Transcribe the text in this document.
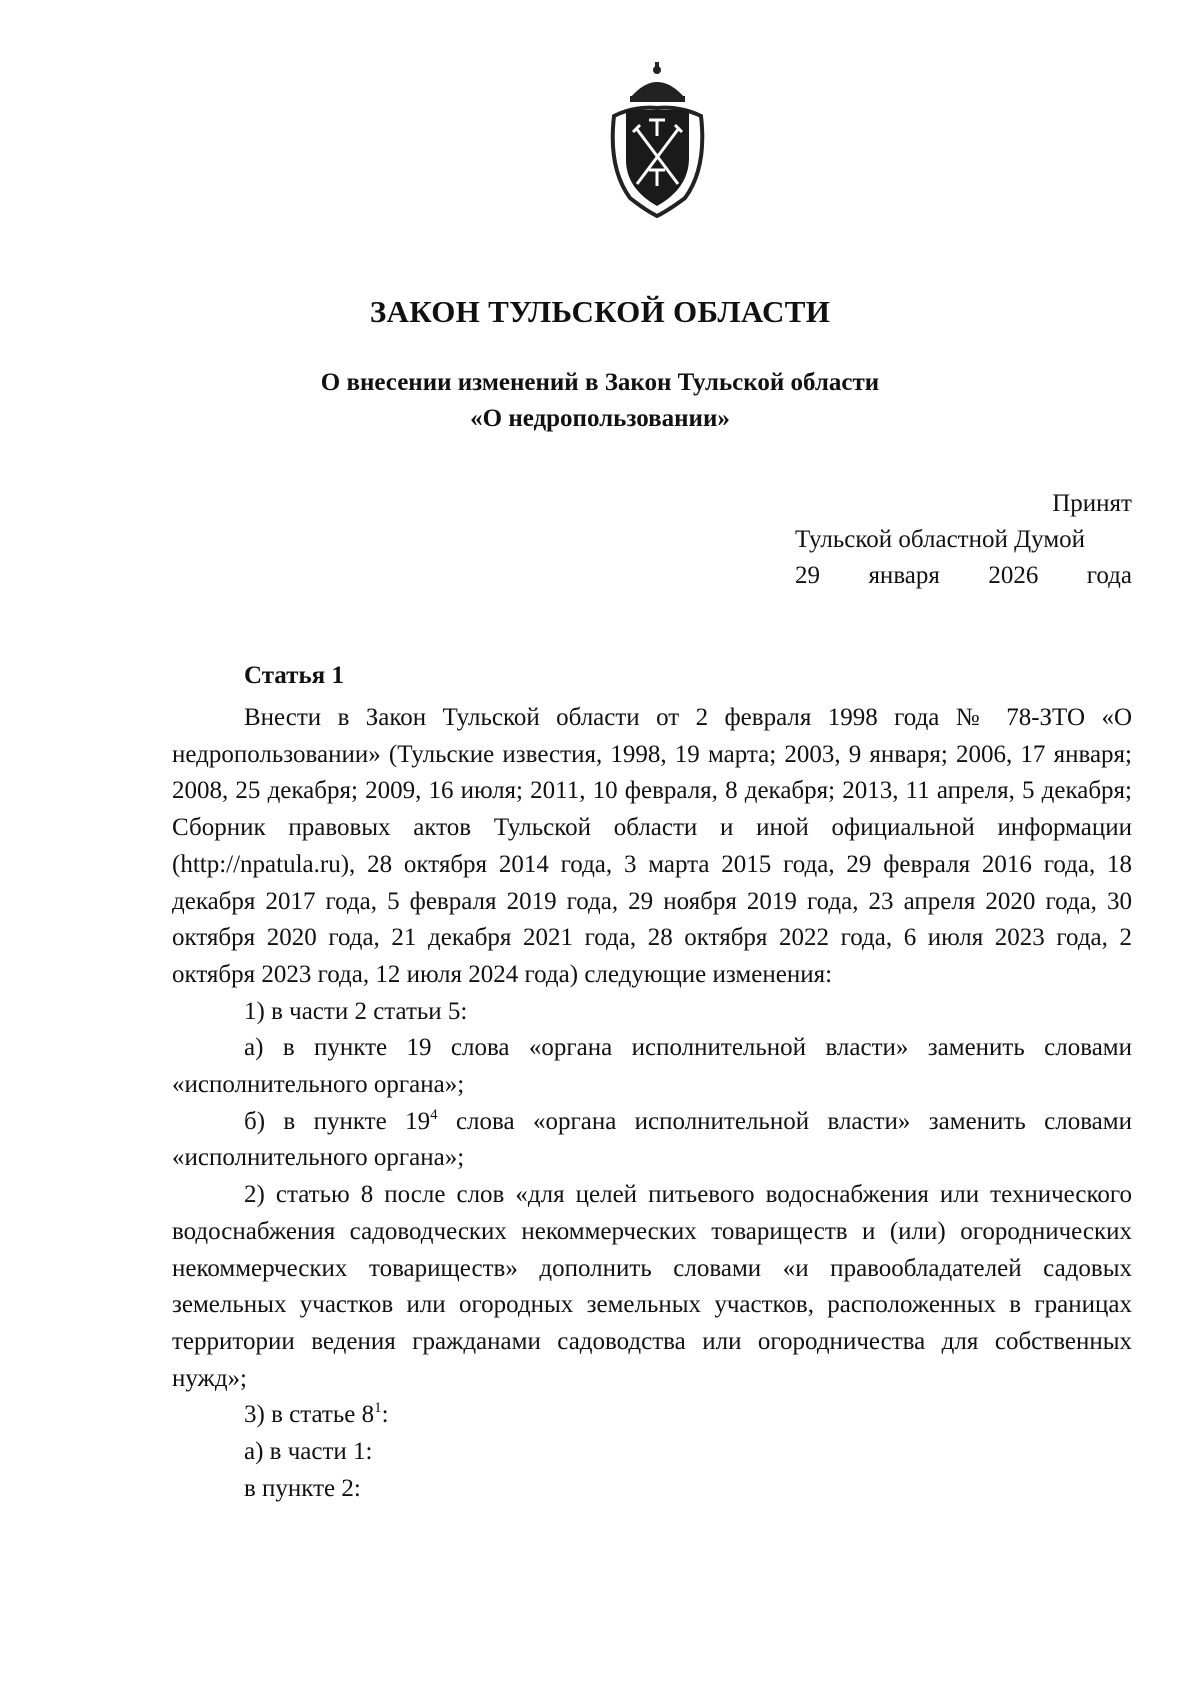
ЗАКОН ТУЛЬСКОЙ ОБЛАСТИ
О внесении изменений в Закон Тульской области
«О недропользовании»
Принят
Тульской областной Думой
29 января 2026 года
Статья 1

Внести в Закон Тульской области от 2 февраля 1998 года № 78-ЗТО «О недропользовании» (Тульские известия, 1998, 19 марта; 2003, 9 января; 2006, 17 января; 2008, 25 декабря; 2009, 16 июля; 2011, 10 февраля, 8 декабря; 2013, 11 апреля, 5 декабря; Сборник правовых актов Тульской области и иной официальной информации (http://npatula.ru), 28 октября 2014 года, 3 марта 2015 года, 29 февраля 2016 года, 18 декабря 2017 года, 5 февраля 2019 года, 29 ноября 2019 года, 23 апреля 2020 года, 30 октября 2020 года, 21 декабря 2021 года, 28 октября 2022 года, 6 июля 2023 года, 2 октября 2023 года, 12 июля 2024 года) следующие изменения:

1) в части 2 статьи 5:

а) в пункте 19 слова «органа исполнительной власти» заменить словами «исполнительного органа»;

б) в пункте $19^4$ слова «органа исполнительной власти» заменить словами «исполнительного органа»;

2) статью 8 после слов «для целей питьевого водоснабжения или технического водоснабжения садоводческих некоммерческих товариществ и (или) огороднических некоммерческих товариществ» дополнить словами «и правообладателей садовых земельных участков или огородных земельных участков, расположенных в границах территории ведения гражданами садоводства или огородничества для собственных нужд»;

3) в статье $8^1$:

а) в части 1:

в пункте 2:
